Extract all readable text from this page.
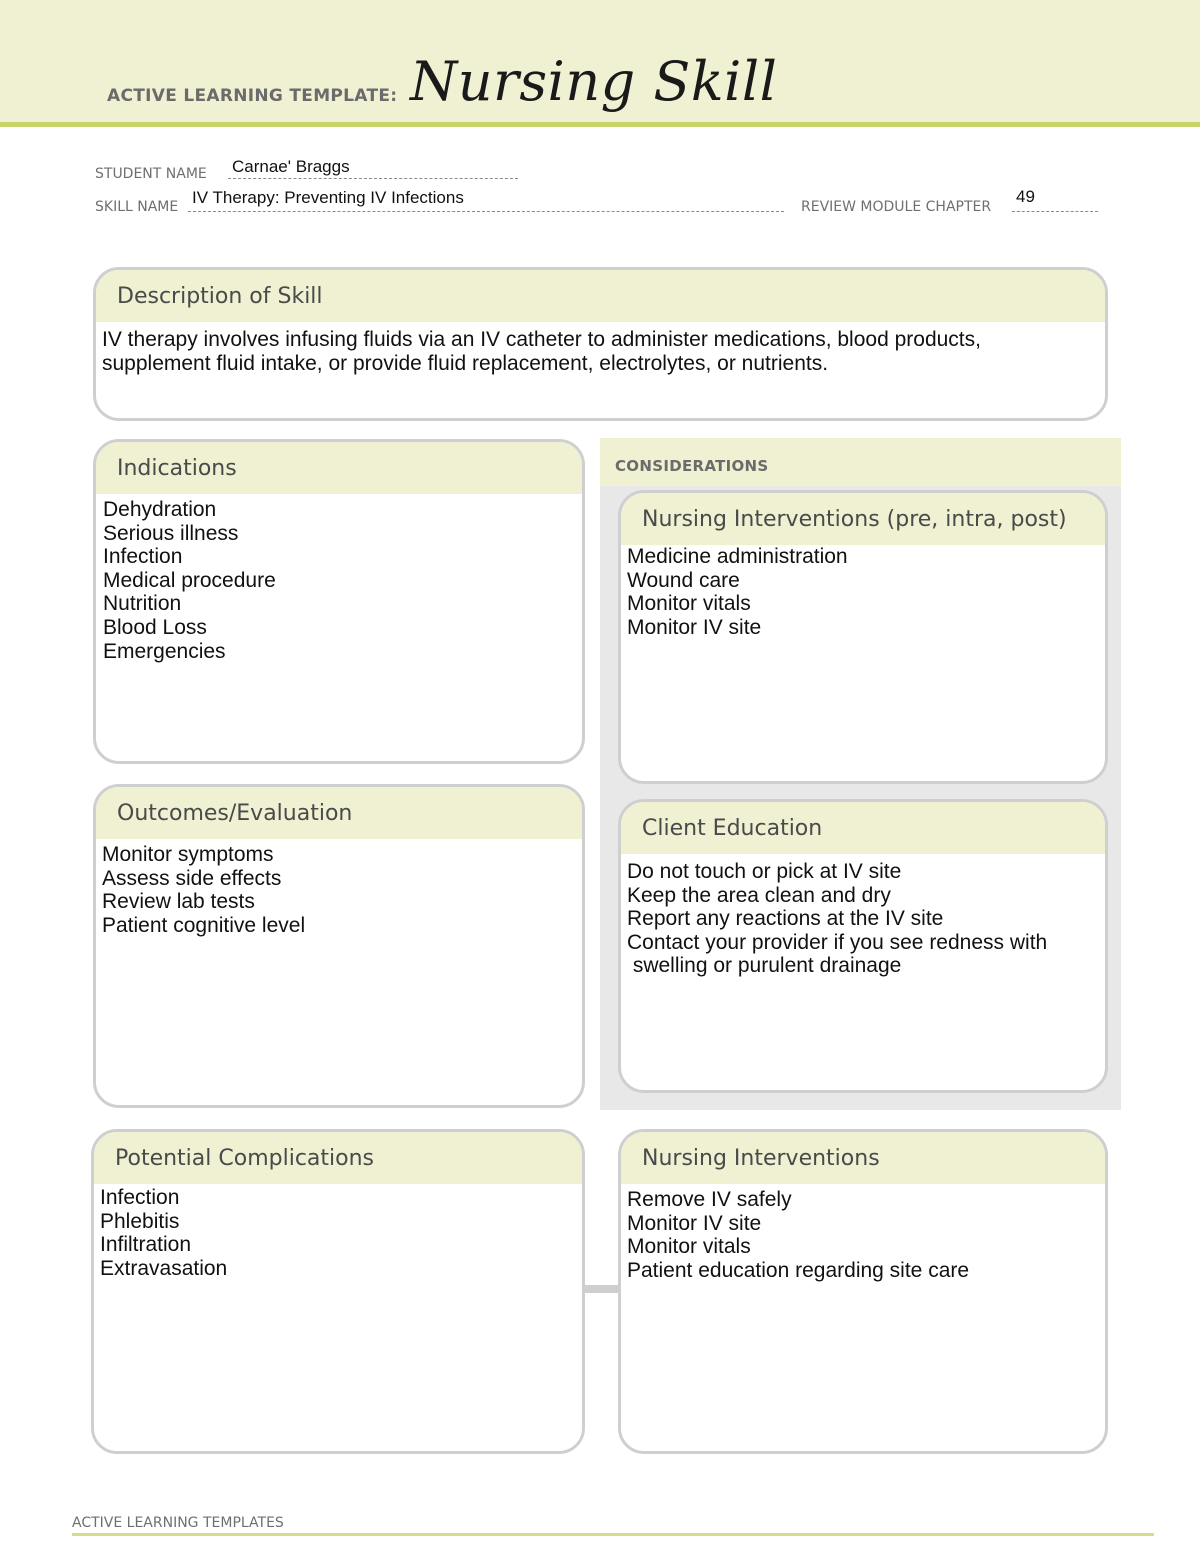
ACTIVE LEARNING TEMPLATE: Nursing Skill
STUDENT NAME Carnae' Braggs
SKILL NAME IV Therapy: Preventing IV Infections	REVIEW MODULE CHAPTER
49
Description of Skill
IV therapy involves infusing fluids via an IV catheter to administer medications, blood products,
supplement fluid intake, or provide fluid replacement, electrolytes, or nutrients.
Indications
Dehydration
Serious illness
Infection
Medical procedure
Nutrition
Blood Loss
Emergencies
CONSIDERATIONS
Nursing Interventions (pre, intra, post)
Medicine administration
Wound care
Monitor vitals
Monitor IV site
Outcomes/Evaluation
Monitor symptoms
Assess side effects
Review lab tests
Patient cognitive level
Client Education
Do not touch or pick at IV site
Keep the area clean and dry
Report any reactions at the IV site
Contact your provider if you see redness with
swelling or purulent drainage
Potential Complications
Infection
Phlebitis
Infiltration
Extravasation
Nursing Interventions
Remove IV safely
Monitor IV site
Monitor vitals
Patient education regarding site care
ACTIVE LEARNING TEMPLATES
